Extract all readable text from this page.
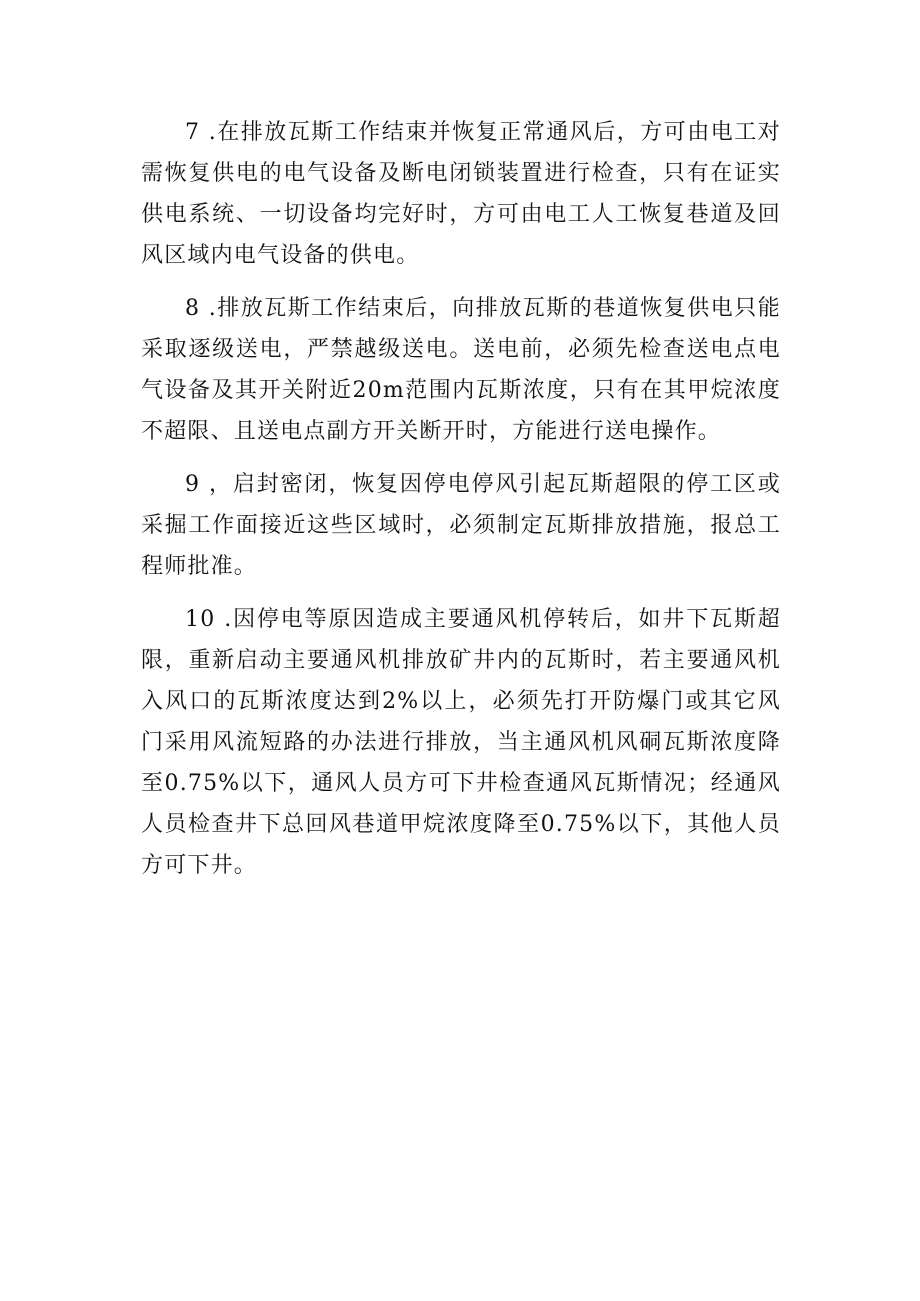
7 .在排放瓦斯工作结束并恢复正常通风后，方可由电工对需恢复供电的电气设备及断电闭锁装置进行检查，只有在证实供电系统、一切设备均完好时，方可由电工人工恢复巷道及回风区域内电气设备的供电。

8 .排放瓦斯工作结束后，向排放瓦斯的巷道恢复供电只能采取逐级送电，严禁越级送电。送电前，必须先检查送电点电气设备及其开关附近20m范围内瓦斯浓度，只有在其甲烷浓度不超限、且送电点副方开关断开时，方能进行送电操作。

9 ，启封密闭，恢复因停电停风引起瓦斯超限的停工区或采掘工作面接近这些区域时，必须制定瓦斯排放措施，报总工程师批准。

10 .因停电等原因造成主要通风机停转后，如井下瓦斯超限，重新启动主要通风机排放矿井内的瓦斯时，若主要通风机入风口的瓦斯浓度达到2%以上，必须先打开防爆门或其它风门采用风流短路的办法进行排放，当主通风机风硐瓦斯浓度降至0.75%以下，通风人员方可下井检查通风瓦斯情况；经通风人员检查井下总回风巷道甲烷浓度降至0.75%以下，其他人员方可下井。
